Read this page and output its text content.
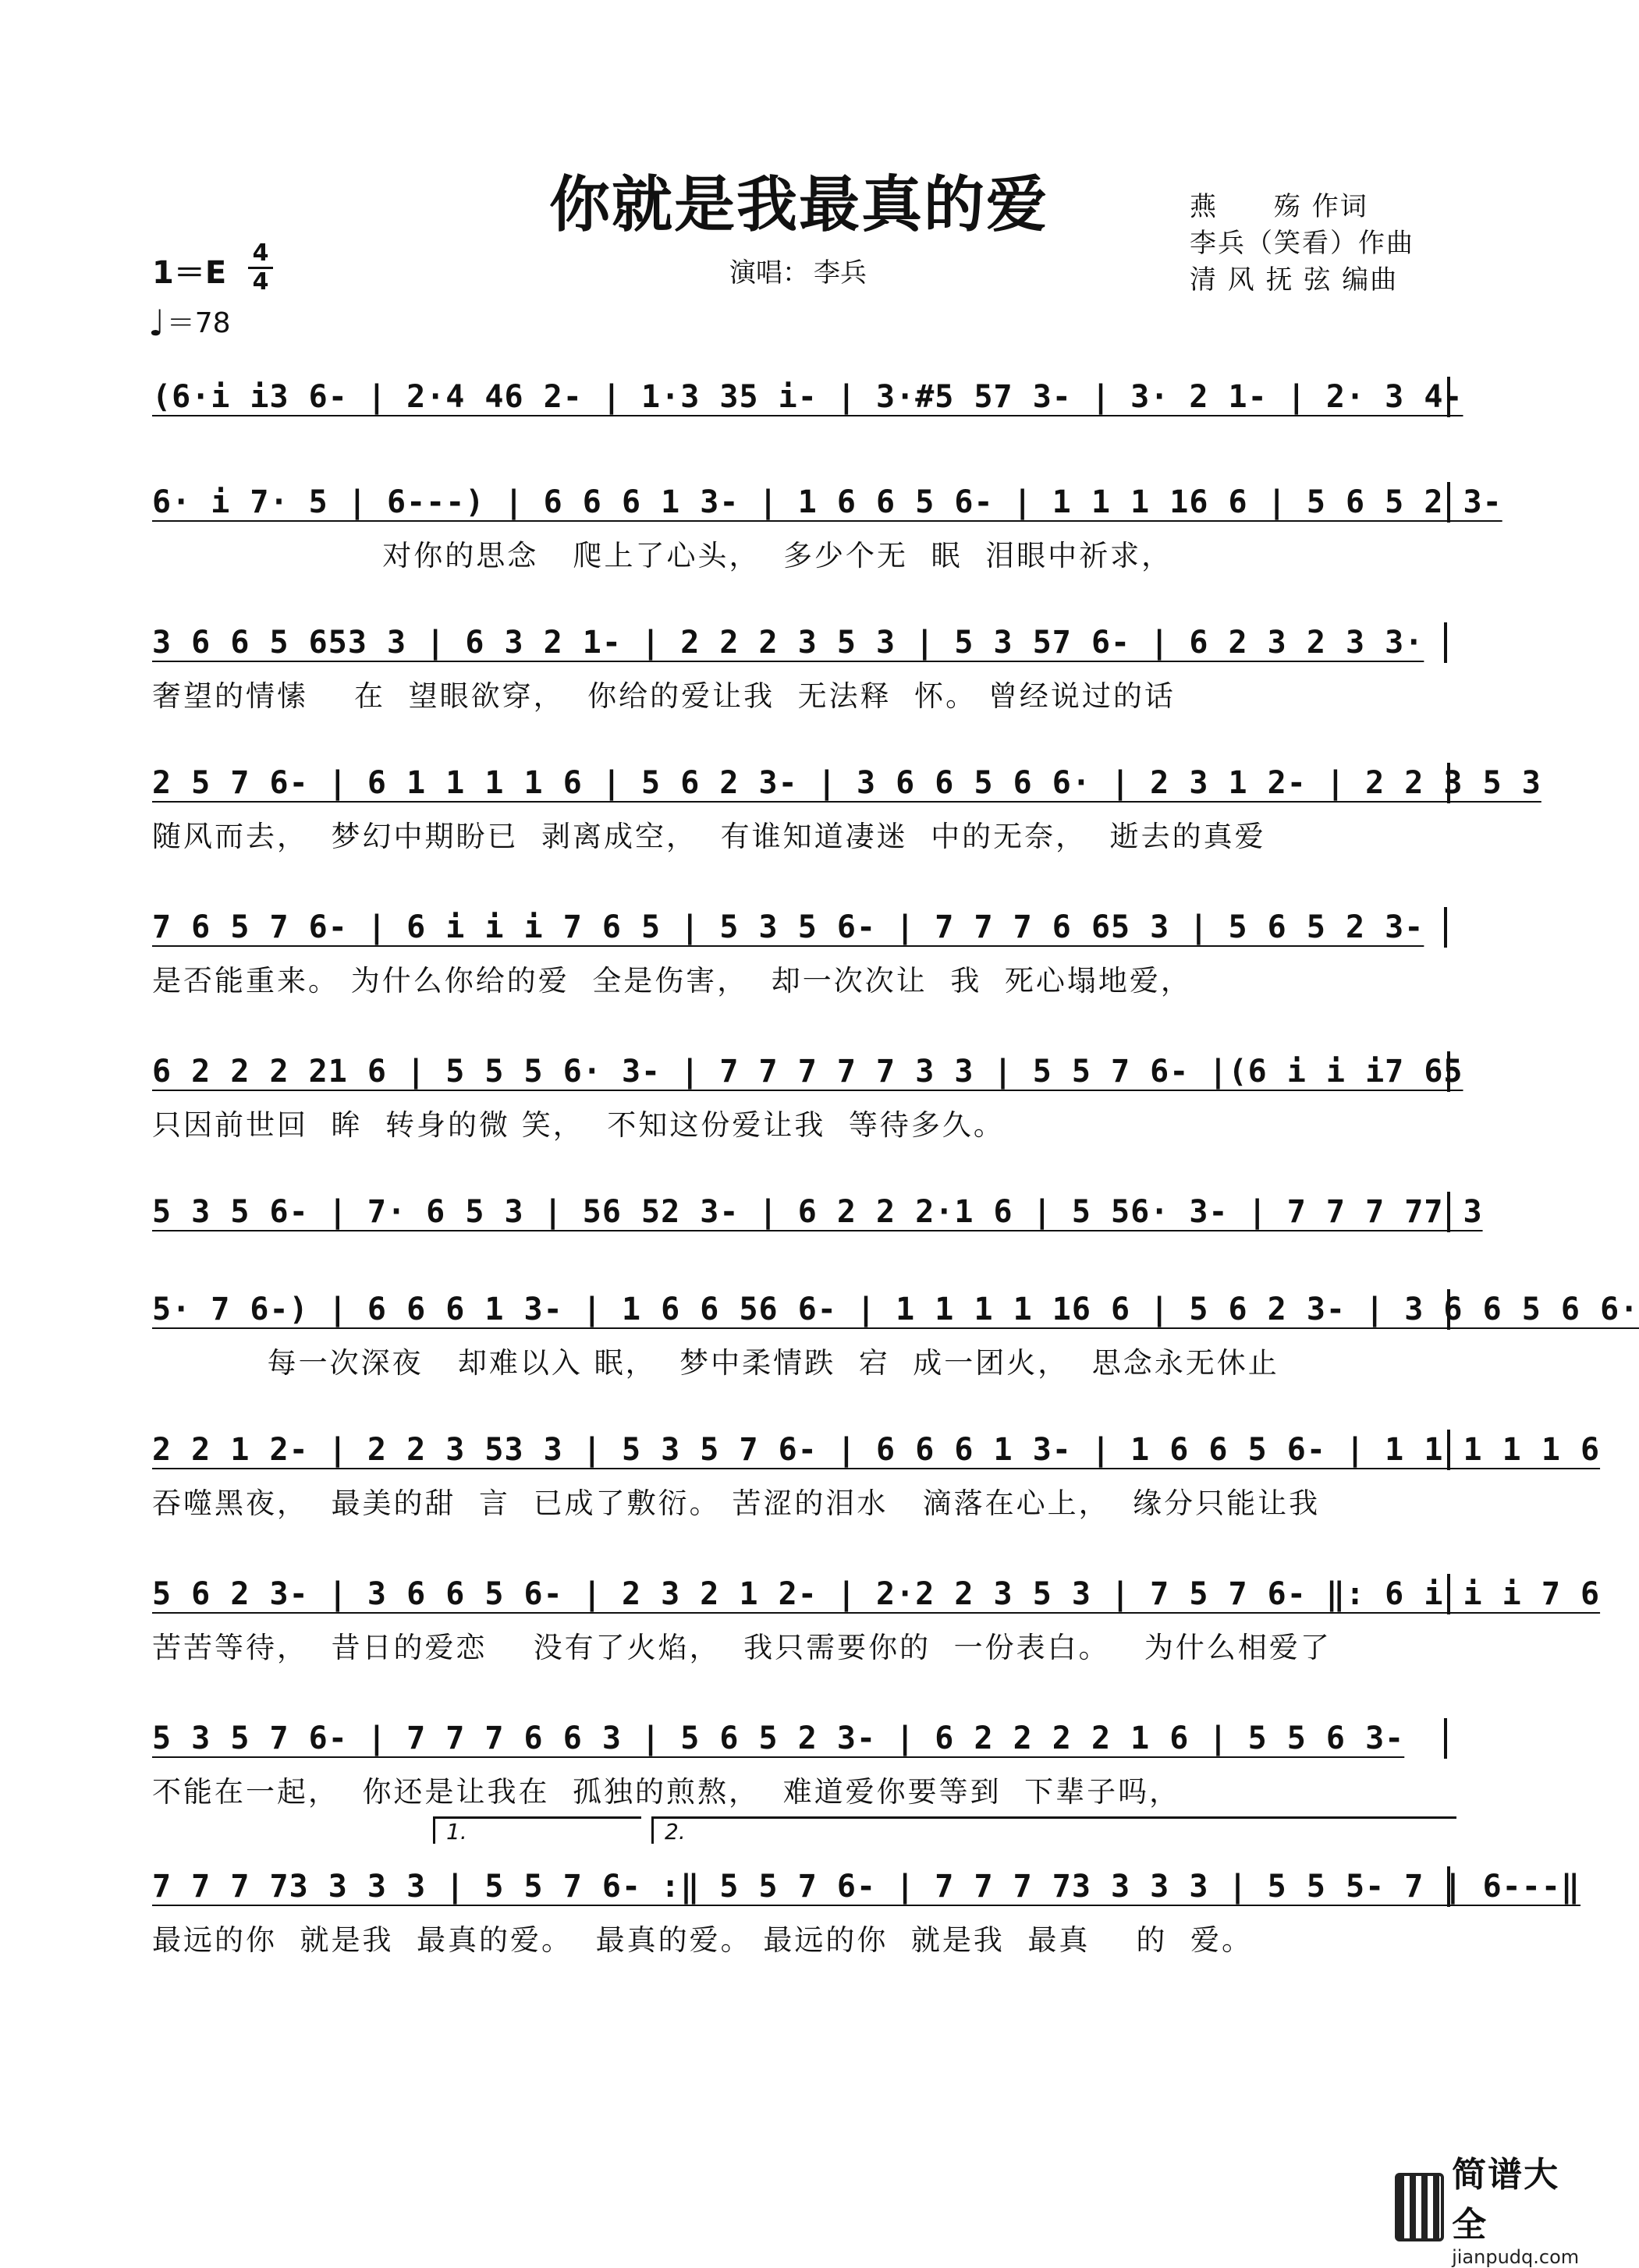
你就是我最真的爱	燕　　殇 作词
李兵（笑看）作曲
清 风 抚 弦 编曲
演唱： 李兵
1＝E
4
4
♩＝78
(6·i i3 6- | 2·4 46 2- | 1·3 35 i- | 3·#5 57 3- | 3· 2 1- | 2· 3 4-
6· i 7· 5 | 6---) | 6 6 6 1 3- | 1 6 6 5 6- | 1 1 1 16 6 | 5 6 5 2 3-
对你的思念   爬上了心头，  多少个无  眠  泪眼中祈求，
3 6 6 5 653 3 | 6 3 2 1- | 2 2 2 3 5 3 | 5 3 57 6- | 6 2 3 2 3 3·
奢望的情愫    在  望眼欲穿，  你给的爱让我  无法释  怀。 曾经说过的话
2 5 7 6- | 6 1 1 1 1 6 | 5 6 2 3- | 3 6 6 5 6 6· | 2 3 1 2- | 2 2 3 5 3
随风而去，  梦幻中期盼已  剥离成空，  有谁知道凄迷  中的无奈，  逝去的真爱
7 6 5 7 6- | 6 i i i 7 6 5 | 5 3 5 6- | 7 7 7 6 65 3 | 5 6 5 2 3-
是否能重来。 为什么你给的爱  全是伤害，  却一次次让  我  死心塌地爱，
6 2 2 2 21 6 | 5 5 5 6· 3- | 7 7 7 7 7 3 3 | 5 5 7 6- |(6 i i i7 65
只因前世回  眸  转身的微 笑，  不知这份爱让我  等待多久。
5 3 5 6- | 7· 6 5 3 | 56 52 3- | 6 2 2 2·1 6 | 5 56· 3- | 7 7 7 77 3
5· 7 6-) | 6 6 6 1 3- | 1 6 6 56 6- | 1 1 1 1 16 6 | 5 6 2 3- | 3 6 6 5 6 6·
每一次深夜   却难以入 眠，  梦中柔情跌  宕  成一团火，  思念永无休止
2 2 1 2- | 2 2 3 53 3 | 5 3 5 7 6- | 6 6 6 1 3- | 1 6 6 5 6- | 1 1 1 1 1 6
吞噬黑夜，  最美的甜  言  已成了敷衍。 苦涩的泪水   滴落在心上，  缘分只能让我
5 6 2 3- | 3 6 6 5 6- | 2 3 2 1 2- | 2·2 2 3 5 3 | 7 5 7 6- ‖: 6 i i i 7 6
苦苦等待，  昔日的爱恋    没有了火焰，  我只需要你的  一份表白。   为什么相爱了
5 3 5 7 6- | 7 7 7 6 6 3 | 5 6 5 2 3- | 6 2 2 2 2 1 6 | 5 5 6 3-
不能在一起，  你还是让我在  孤独的煎熬，  难道爱你要等到  下辈子吗，
7 7 7 73 3 3 3 | 5 5 7 6- :‖ 5 5 7 6- | 7 7 7 73 3 3 3 | 5 5 5- 7 | 6---‖
最远的你  就是我  最真的爱。  最真的爱。 最远的你  就是我  最真    的  爱。
1.	2.
简谱大全
jianpudq.com
